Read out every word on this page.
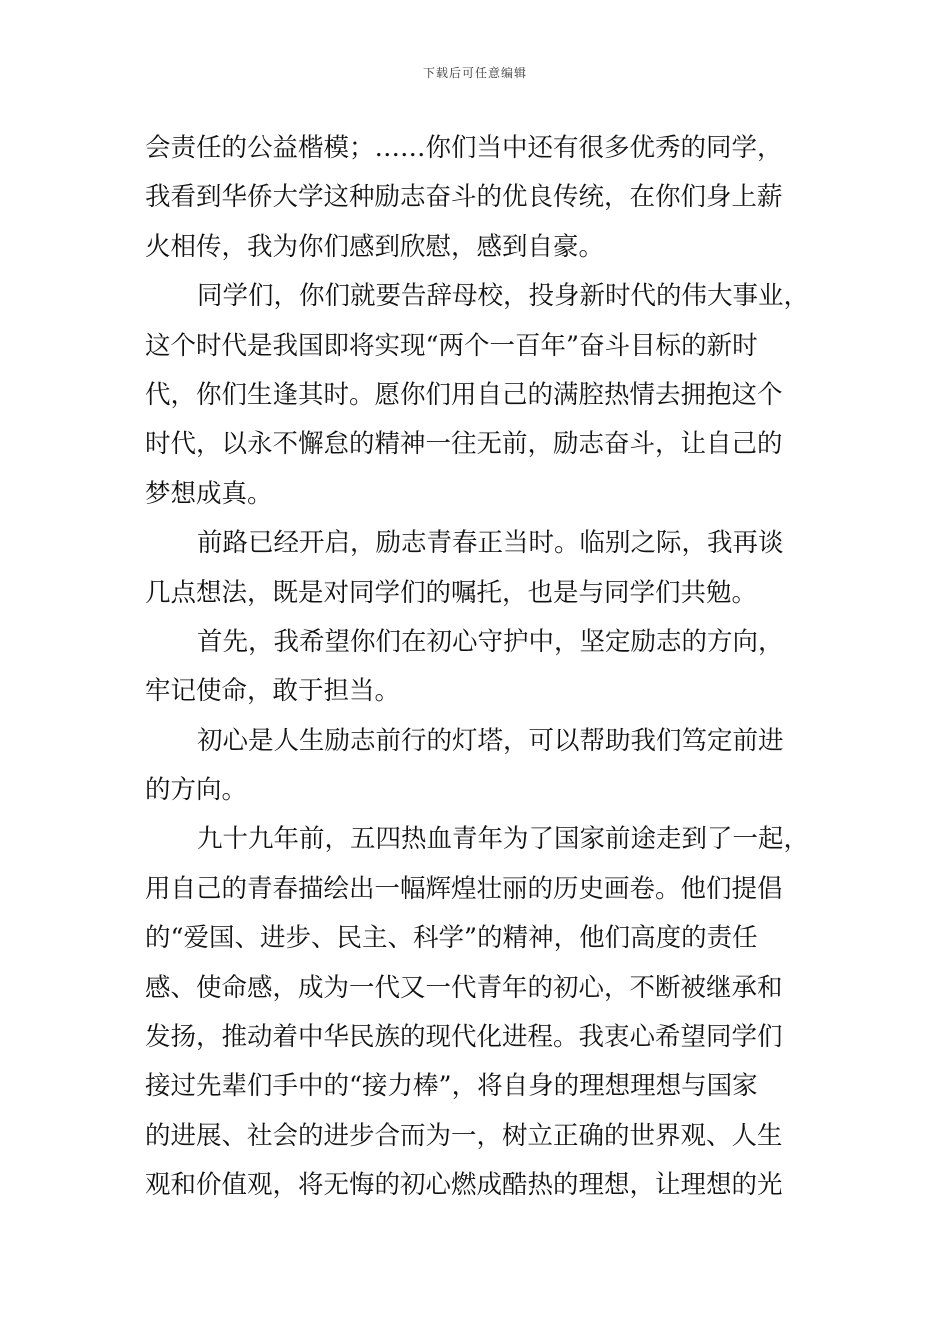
下载后可任意编辑
会责任的公益楷模；……你们当中还有很多优秀的同学，
我看到华侨大学这种励志奋斗的优良传统，在你们身上薪
火相传，我为你们感到欣慰，感到自豪。
同学们，你们就要告辞母校，投身新时代的伟大事业，
这个时代是我国即将实现“两个一百年”奋斗目标的新时
代，你们生逢其时。愿你们用自己的满腔热情去拥抱这个
时代，以永不懈怠的精神一往无前，励志奋斗，让自己的
梦想成真。
前路已经开启，励志青春正当时。临别之际，我再谈
几点想法，既是对同学们的嘱托，也是与同学们共勉。
首先，我希望你们在初心守护中，坚定励志的方向，
牢记使命，敢于担当。
初心是人生励志前行的灯塔，可以帮助我们笃定前进
的方向。
九十九年前，五四热血青年为了国家前途走到了一起，
用自己的青春描绘出一幅辉煌壮丽的历史画卷。他们提倡
的“爱国、进步、民主、科学”的精神，他们高度的责任
感、使命感，成为一代又一代青年的初心，不断被继承和
发扬，推动着中华民族的现代化进程。我衷心希望同学们
接过先辈们手中的“接力棒”，将自身的理想理想与国家
的进展、社会的进步合而为一，树立正确的世界观、人生
观和价值观，将无悔的初心燃成酷热的理想，让理想的光
